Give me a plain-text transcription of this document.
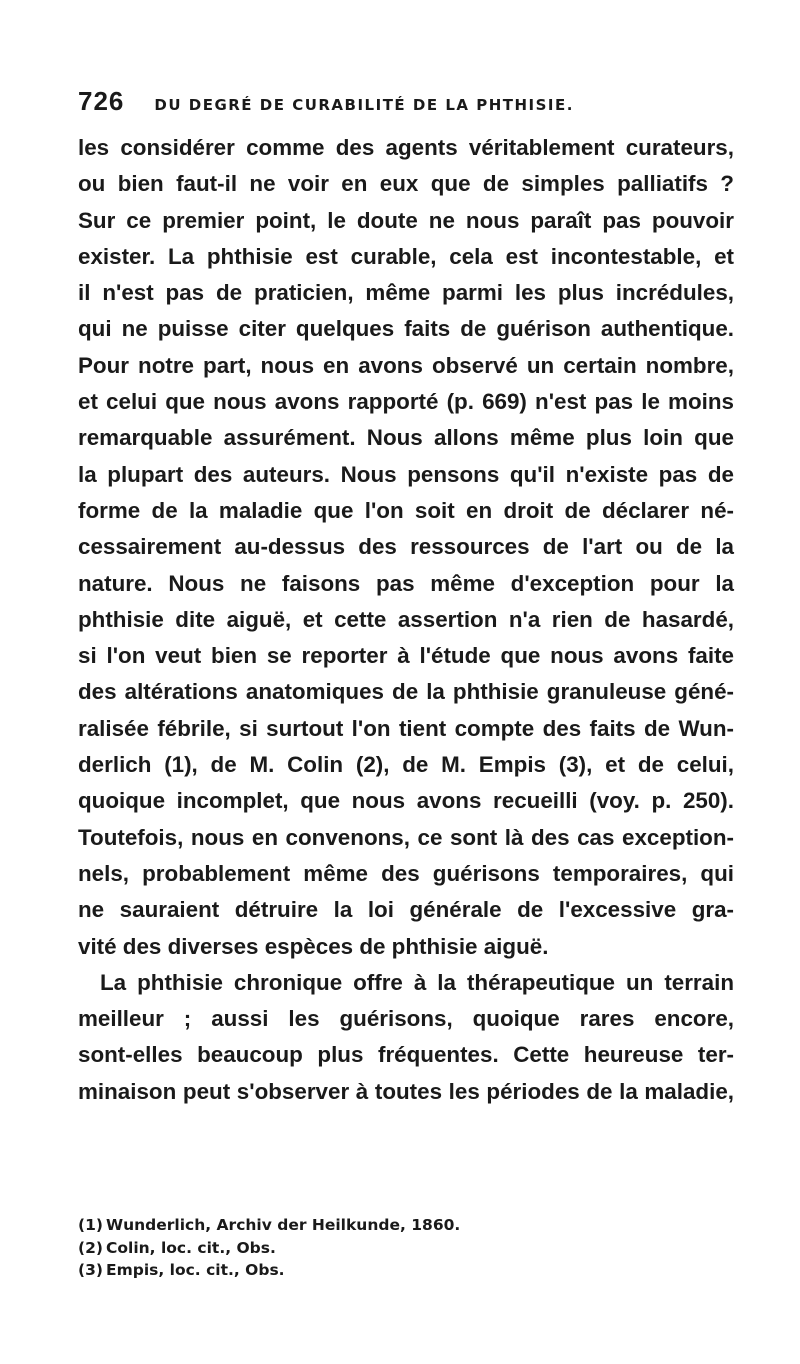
726 DU DEGRÉ DE CURABILITÉ DE LA PHTHISIE.
les considérer comme des agents véritablement curateurs,
ou bien faut-il ne voir en eux que de simples palliatifs ?
Sur ce premier point, le doute ne nous paraît pas pouvoir
exister. La phthisie est curable, cela est incontestable, et
il n'est pas de praticien, même parmi les plus incrédules,
qui ne puisse citer quelques faits de guérison authentique.
Pour notre part, nous en avons observé un certain nombre,
et celui que nous avons rapporté (p. 669) n'est pas le moins
remarquable assurément. Nous allons même plus loin que
la plupart des auteurs. Nous pensons qu'il n'existe pas de
forme de la maladie que l'on soit en droit de déclarer né-
cessairement au-dessus des ressources de l'art ou de la
nature. Nous ne faisons pas même d'exception pour la
phthisie dite aiguë, et cette assertion n'a rien de hasardé,
si l'on veut bien se reporter à l'étude que nous avons faite
des altérations anatomiques de la phthisie granuleuse géné-
ralisée fébrile, si surtout l'on tient compte des faits de Wun-
derlich (1), de M. Colin (2), de M. Empis (3), et de celui,
quoique incomplet, que nous avons recueilli (voy. p. 250).
Toutefois, nous en convenons, ce sont là des cas exception-
nels, probablement même des guérisons temporaires, qui
ne sauraient détruire la loi générale de l'excessive gra-
vité des diverses espèces de phthisie aiguë.
La phthisie chronique offre à la thérapeutique un terrain
meilleur ; aussi les guérisons, quoique rares encore,
sont-elles beaucoup plus fréquentes. Cette heureuse ter-
minaison peut s'observer à toutes les périodes de la maladie,
(1) Wunderlich, Archiv der Heilkunde, 1860.
(2) Colin, loc. cit., Obs.
(3) Empis, loc. cit., Obs.
